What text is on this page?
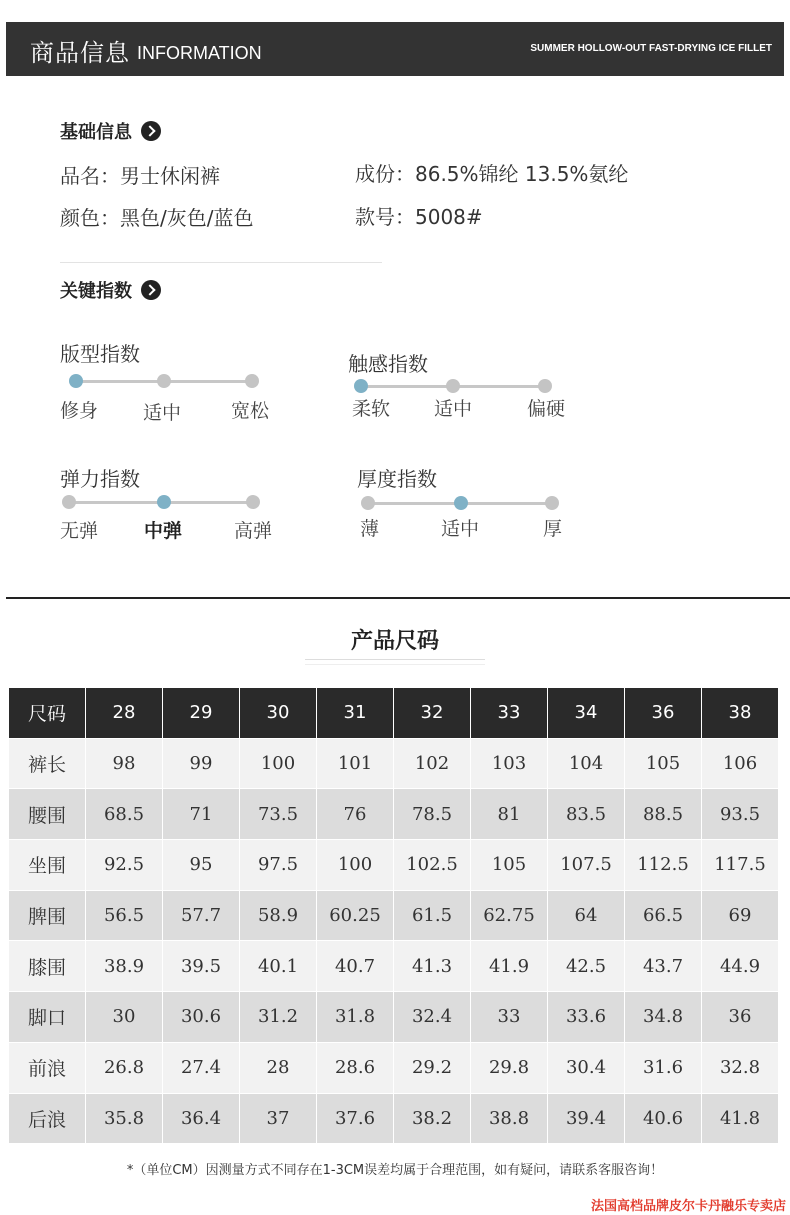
商品信息 INFORMATION	SUMMER HOLLOW-OUT FAST-DRYING ICE FILLET
基础信息
品名：男士休闲裤	成份：86.5%锦纶 13.5%氨纶
颜色：黑色/灰色/蓝色	款号：5008#
关键指数
版型指数
修身 适中	宽松
触感指数
柔软 适中	偏硬
弹力指数
无弹 中弹	高弹
厚度指数
薄	适中	厚
产品尺码
尺码	28	29	30	31	32	33	34	36	38
裤长	98	99	100	101	102	103	104	105	106
腰围	68.5	71	73.5	76	78.5	81	83.5	88.5	93.5
坐围	92.5	95	97.5	100	102.5	105	107.5	112.5	117.5
脾围	56.5	57.7	58.9	60.25	61.5	62.75	64	66.5	69
膝围	38.9	39.5	40.1	40.7	41.3	41.9	42.5	43.7	44.9
脚口	30	30.6	31.2	31.8	32.4	33	33.6	34.8	36
前浪	26.8	27.4	28	28.6	29.2	29.8	30.4	31.6	32.8
后浪	35.8	36.4	37	37.6	38.2	38.8	39.4	40.6	41.8
*（单位CM）因测量方式不同存在1-3CM误差均属于合理范围，如有疑问，请联系客服咨询！
法国高档品牌皮尔卡丹融乐专卖店
